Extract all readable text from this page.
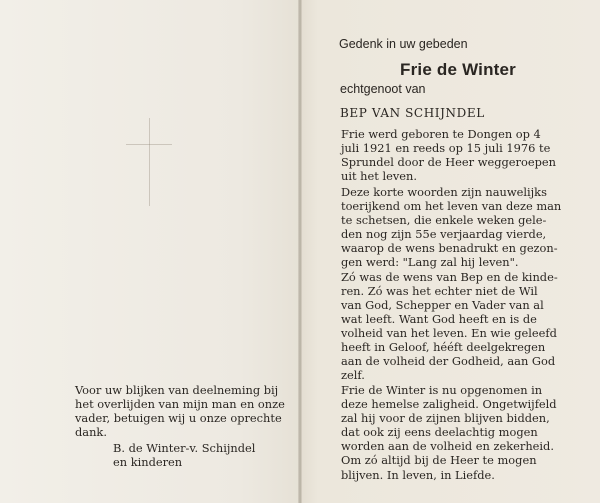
Voor uw blijken van deelneming bij
het overlijden van mijn man en onze
vader, betuigen wij u onze oprechte
dank.

B. de Winter-v. Schijndel
en kinderen

Gedenk in uw gebeden
Frie de Winter
echtgenoot van
BEP VAN SCHIJNDEL

Frie werd geboren te Dongen op 4
juli 1921 en reeds op 15 juli 1976 te
Sprundel door de Heer weggeroepen
uit het leven.

Deze korte woorden zijn nauwelijks
toerijkend om het leven van deze man
te schetsen, die enkele weken gele-
den nog zijn 55e verjaardag vierde,
waarop de wens benadrukt en gezon-
gen werd: "Lang zal hij leven".
Zó was de wens van Bep en de kinde-
ren. Zó was het echter niet de Wil
van God, Schepper en Vader van al
wat leeft. Want God heeft en is de
volheid van het leven. En wie geleefd
heeft in Geloof, hééft deelgekregen
aan de volheid der Godheid, aan God
zelf.

Frie de Winter is nu opgenomen in
deze hemelse zaligheid. Ongetwijfeld
zal hij voor de zijnen blijven bidden,
dat ook zij eens deelachtig mogen
worden aan de volheid en zekerheid.
Om zó altijd bij de Heer te mogen
blijven. In leven, in Liefde.
